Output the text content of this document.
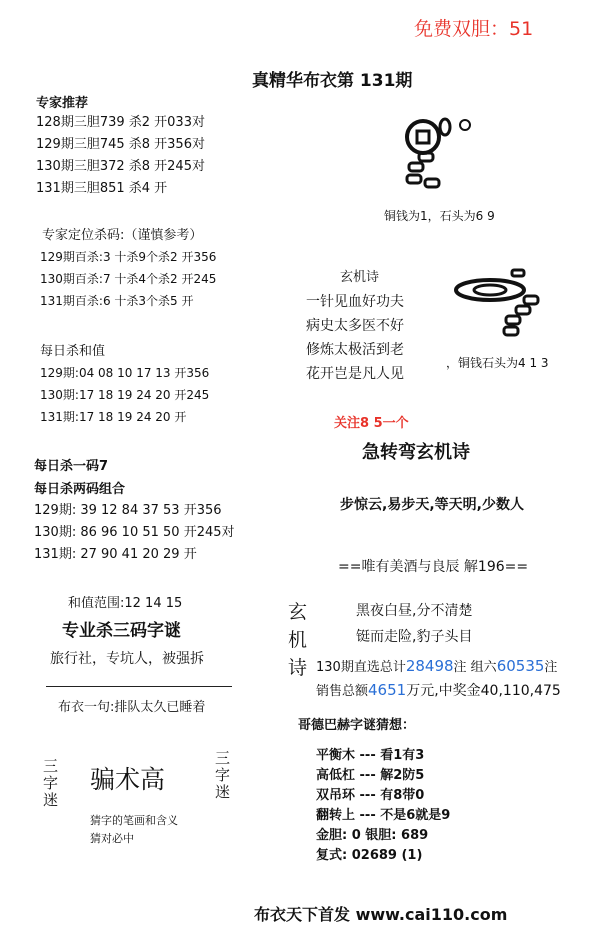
免费双胆：51
真精华布衣第 131期
专家推荐
128期三胆739 杀2 开033对
129期三胆745 杀8 开356对
130期三胆372 杀8 开245对
131期三胆851 杀4 开
专家定位杀码:（谨慎参考）
129期百杀:3 十杀9个杀2 开356
130期百杀:7 十杀4个杀2 开245
131期百杀:6 十杀3个杀5 开
每日杀和值
129期:04 08 10 17 13 开356
130期:17 18 19 24 20 开245
131期:17 18 19 24 20 开
每日杀一码7
每日杀两码组合
129期: 39 12 84 37 53 开356
130期: 86 96 10 51 50 开245对
131期: 27 90 41 20 29 开
和值范围:12 14 15
专业杀三码字谜
旅行社，专坑人，被强拆
布衣一句:排队太久已睡着
三字迷 骗术高	三字迷
猜字的笔画和含义
猜对必中
铜钱为1，石头为6 9
玄机诗
一针见血好功夫
病史太多医不好
修炼太极活到老
花开岂是凡人见
，铜钱石头为4 1 3
关注8 5一个
急转弯玄机诗
步惊云,易步天,等天明,少数人
==唯有美酒与良辰 解196==
玄机诗
黑夜白昼,分不清楚
铤而走险,豹子头目
130期直选总计28498注 组六60535注
销售总额4651万元,中奖金40,110,475
哥德巴赫字谜猜想：
平衡木 --- 看1有3
高低杠 --- 解2防5
双吊环 --- 有8带0
翻转上 --- 不是6就是9
金胆: 0 银胆: 689
复式: 02689 (1)
布衣天下首发 www.cai110.com
